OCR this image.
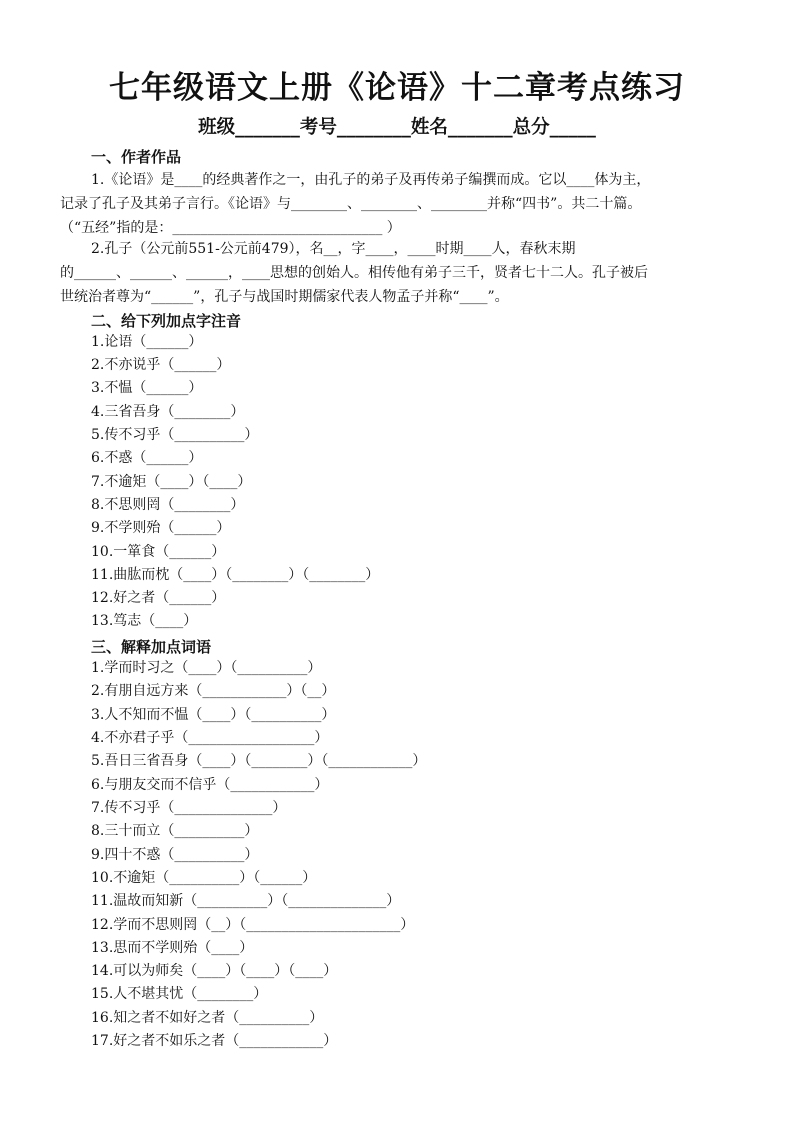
七年级语文上册《论语》十二章考点练习
班级_______考号________姓名_______总分_____
一、作者作品
1.《论语》是____的经典著作之一，由孔子的弟子及再传弟子编撰而成。它以____体为主，
记录了孔子及其弟子言行。《论语》与________、________、________并称“四书”。共二十篇。
（“五经”指的是：______________________________ ）
2.孔子（公元前551-公元前479），名__，字____，____时期____人，春秋末期
的______、______、______，____思想的创始人。相传他有弟子三千，贤者七十二人。孔子被后
世统治者尊为“______”，孔子与战国时期儒家代表人物孟子并称“____”。
二、给下列加点字注音
1.论语（______）
2.不亦说乎（______）
3.不愠（______）
4.三省吾身（________）
5.传不习乎（__________）
6.不惑（______）
7.不逾矩（____）（____）
8.不思则罔（________）
9.不学则殆（______）
10.一箪食（______）
11.曲肱而枕（____）（________）（________）
12.好之者（______）
13.笃志（____）
三、解释加点词语
1.学而时习之（____）（__________）
2.有朋自远方来（____________）（__）
3.人不知而不愠（____）（__________）
4.不亦君子乎（__________________）
5.吾日三省吾身（____）（________）（____________）
6.与朋友交而不信乎（____________）
7.传不习乎（______________）
8.三十而立（__________）
9.四十不惑（__________）
10.不逾矩（__________）（______）
11.温故而知新（__________）（______________）
12.学而不思则罔（__）（______________________）
13.思而不学则殆（____）
14.可以为师矣（____）（____）（____）
15.人不堪其忧（________）
16.知之者不如好之者（__________）
17.好之者不如乐之者（____________）
